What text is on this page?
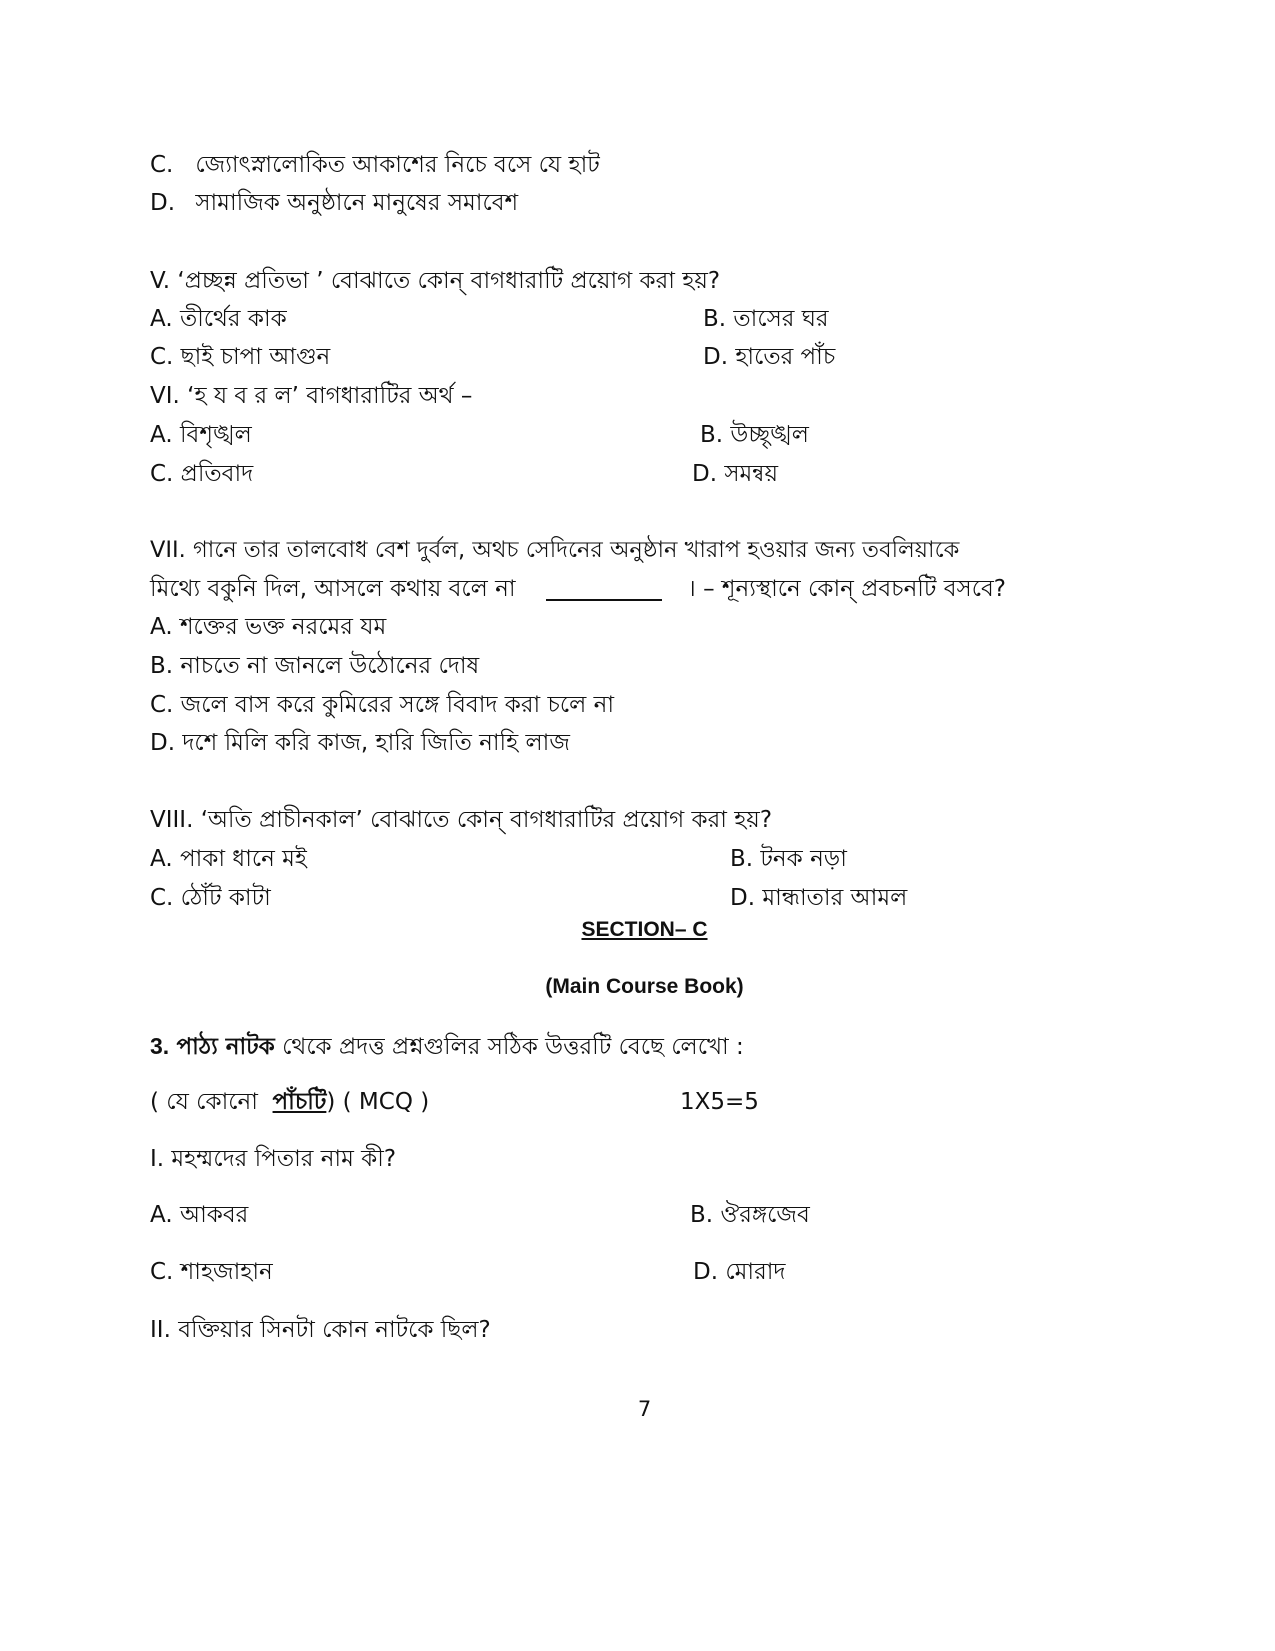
C. জ্যোৎস্নালোকিত আকাশের নিচে বসে যে হাট
D. সামাজিক অনুষ্ঠানে মানুষের সমাবেশ
V. ‘প্রচ্ছন্ন প্রতিভা ’ বোঝাতে কোন্ বাগধারাটি প্রয়োগ করা হয়?
A. তীর্থের কাক	B. তাসের ঘর
C. ছাই চাপা আগুন	D. হাতের পাঁচ
VI. ‘হ য ব র ল’ বাগধারাটির অর্থ –
A. বিশৃঙ্খল	B. উচ্ছৃঙ্খল
C. প্রতিবাদ	D. সমন্বয়
VII. গানে তার তালবোধ বেশ দুর্বল, অথচ সেদিনের অনুষ্ঠান খারাপ হওয়ার জন্য তবলিয়াকে
মিথ্যে বকুনি দিল, আসলে কথায় বলে না	। – শূন্যস্থানে কোন্ প্রবচনটি বসবে?
A. শক্তের ভক্ত নরমের যম
B. নাচতে না জানলে উঠোনের দোষ
C. জলে বাস করে কুমিরের সঙ্গে বিবাদ করা চলে না
D. দশে মিলি করি কাজ, হারি জিতি নাহি লাজ
VIII. ‘অতি প্রাচীনকাল’ বোঝাতে কোন্ বাগধারাটির প্রয়োগ করা হয়?
A. পাকা ধানে মই	B. টনক নড়া
C. ঠোঁট কাটা	D. মান্ধাতার আমল
SECTION– C
(Main Course Book)
3. পাঠ্য নাটক থেকে প্রদত্ত প্রশ্নগুলির সঠিক উত্তরটি বেছে লেখো :
( যে কোনো পাঁচটি) ( MCQ )	1X5=5
I. মহম্মদের পিতার নাম কী?
A. আকবর	B. ঔরঙ্গজেব
C. শাহজাহান	D. মোরাদ
II. বক্তিয়ার সিনটা কোন নাটকে ছিল?
7
